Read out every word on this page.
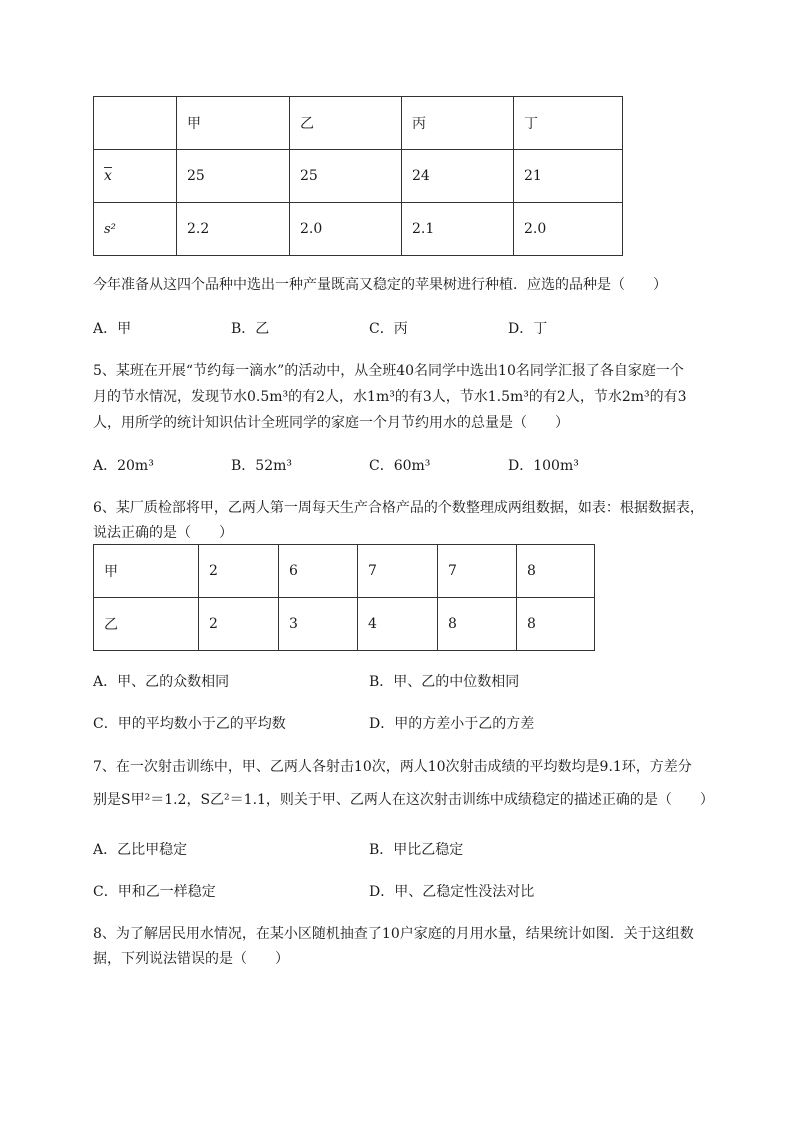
	甲	乙	丙	丁
x	25	25	24	21
s²	2.2	2.0	2.1	2.0
今年准备从这四个品种中选出一种产量既高又稳定的苹果树进行种植．应选的品种是（　　）
A．甲	B．乙	C．丙	D．丁
5、某班在开展“节约每一滴水”的活动中，从全班40名同学中选出10名同学汇报了各自家庭一个
月的节水情况，发现节水0.5m³的有2人，水1m³的有3人，节水1.5m³的有2人，节水2m³的有3
人，用所学的统计知识估计全班同学的家庭一个月节约用水的总量是（　　）
A．20m³	B．52m³	C．60m³	D．100m³
6、某厂质检部将甲，乙两人第一周每天生产合格产品的个数整理成两组数据，如表：根据数据表，
说法正确的是（　　）
甲	2	6	7	7	8
乙	2	3	4	8	8
A．甲、乙的众数相同	B．甲、乙的中位数相同
C．甲的平均数小于乙的平均数	D．甲的方差小于乙的方差
7、在一次射击训练中，甲、乙两人各射击10次，两人10次射击成绩的平均数均是9.1环，方差分
别是S甲²＝1.2，S乙²＝1.1，则关于甲、乙两人在这次射击训练中成绩稳定的描述正确的是（　　）
A．乙比甲稳定	B．甲比乙稳定
C．甲和乙一样稳定	D．甲、乙稳定性没法对比
8、为了解居民用水情况，在某小区随机抽查了10户家庭的月用水量，结果统计如图．关于这组数
据，下列说法错误的是（　　）
